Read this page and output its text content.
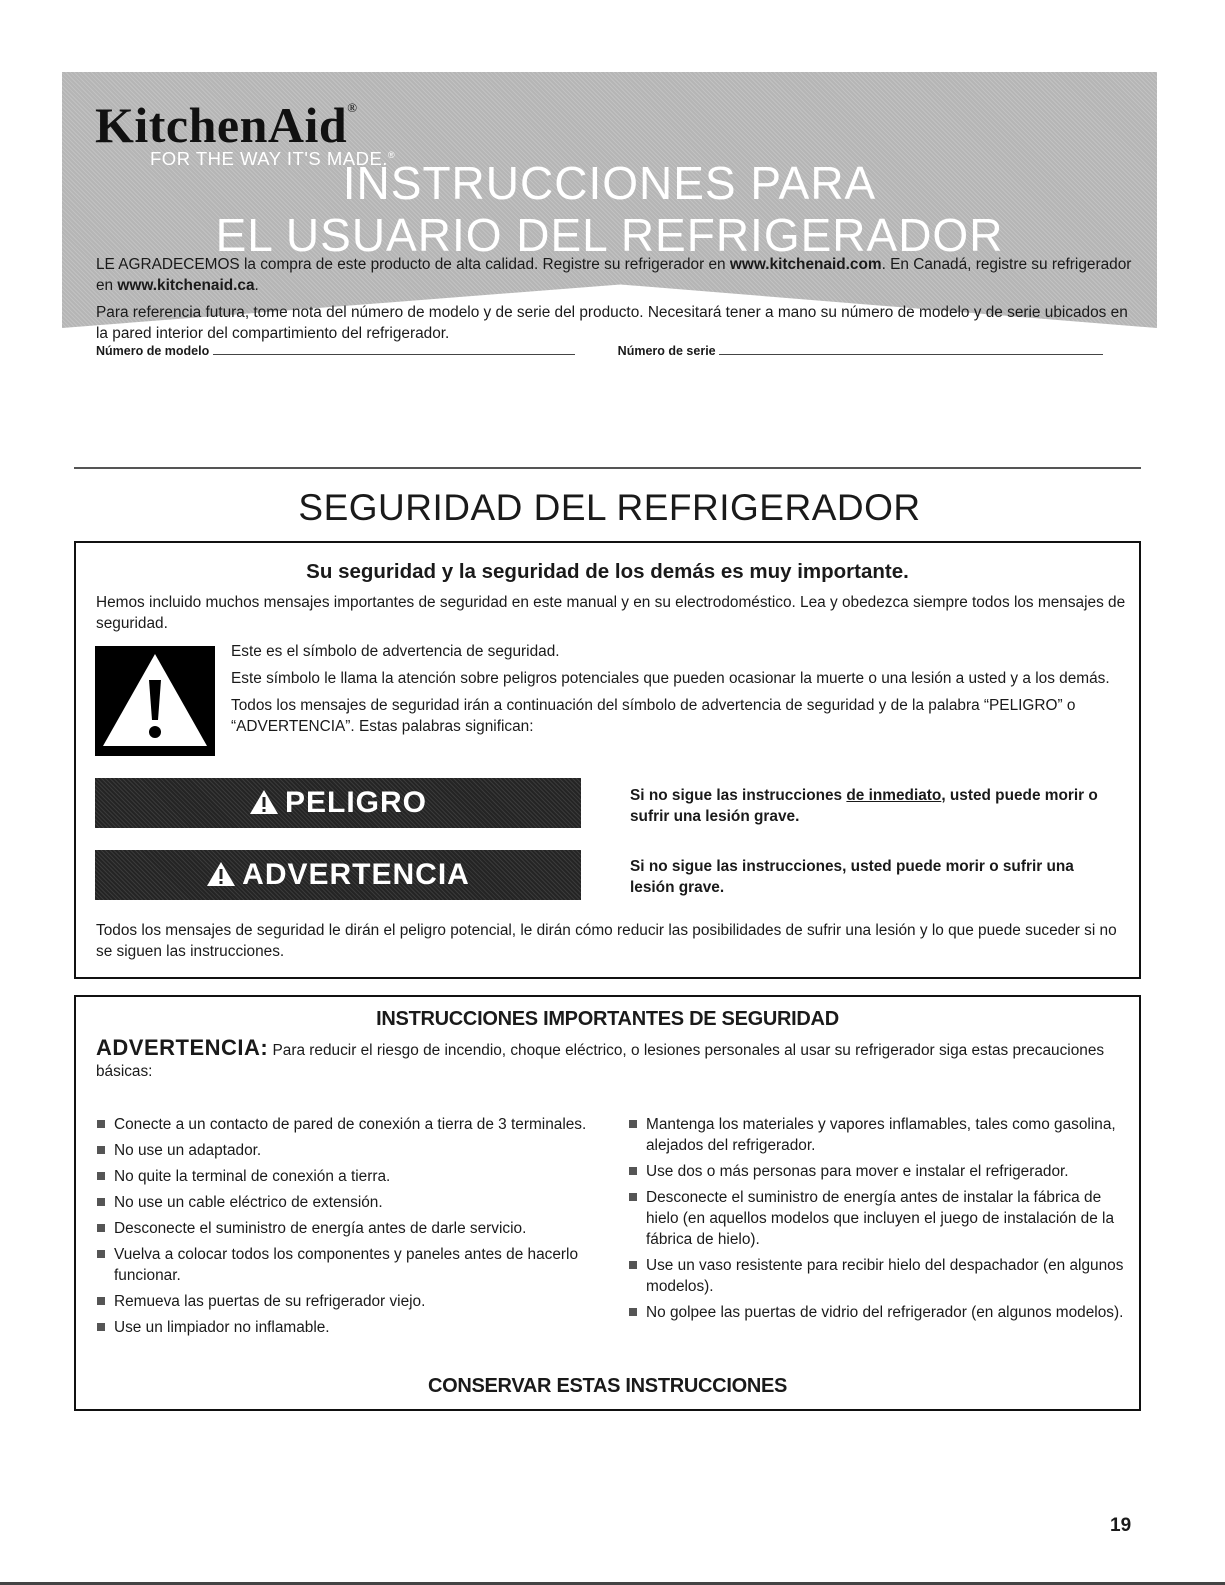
KitchenAid®
FOR THE WAY IT'S MADE.®
INSTRUCCIONES PARA
EL USUARIO DEL REFRIGERADOR

LE AGRADECEMOS la compra de este producto de alta calidad. Registre su refrigerador en www.kitchenaid.com. En Canadá, registre su refrigerador en www.kitchenaid.ca.

Para referencia futura, tome nota del número de modelo y de serie del producto. Necesitará tener a mano su número de modelo y de serie ubicados en la pared interior del compartimiento del refrigerador.

Número de modelo	Número de serie
SEGURIDAD DEL REFRIGERADOR
Su seguridad y la seguridad de los demás es muy importante.
Hemos incluido muchos mensajes importantes de seguridad en este manual y en su electrodoméstico. Lea y obedezca siempre todos los mensajes de seguridad.

Este es el símbolo de advertencia de seguridad.

Este símbolo le llama la atención sobre peligros potenciales que pueden ocasionar la muerte o una lesión a usted y a los demás.

Todos los mensajes de seguridad irán a continuación del símbolo de advertencia de seguridad y de la palabra “PELIGRO” o “ADVERTENCIA”. Estas palabras significan:

PELIGRO	Si no sigue las instrucciones de inmediato, usted puede morir o sufrir una lesión grave.
ADVERTENCIA	Si no sigue las instrucciones, usted puede morir o sufrir una lesión grave.
Todos los mensajes de seguridad le dirán el peligro potencial, le dirán cómo reducir las posibilidades de sufrir una lesión y lo que puede suceder si no se siguen las instrucciones.
INSTRUCCIONES IMPORTANTES DE SEGURIDAD
ADVERTENCIA: Para reducir el riesgo de incendio, choque eléctrico, o lesiones personales al usar su refrigerador siga estas precauciones básicas:
Conecte a un contacto de pared de conexión a tierra de 3 terminales.
No use un adaptador.
No quite la terminal de conexión a tierra.
No use un cable eléctrico de extensión.
Desconecte el suministro de energía antes de darle servicio.
Vuelva a colocar todos los componentes y paneles antes de hacerlo funcionar.
Remueva las puertas de su refrigerador viejo.
Use un limpiador no inflamable.
Mantenga los materiales y vapores inflamables, tales como gasolina, alejados del refrigerador.
Use dos o más personas para mover e instalar el refrigerador.
Desconecte el suministro de energía antes de instalar la fábrica de hielo (en aquellos modelos que incluyen el juego de instalación de la fábrica de hielo).
Use un vaso resistente para recibir hielo del despachador (en algunos modelos).
No golpee las puertas de vidrio del refrigerador (en algunos modelos).
CONSERVAR ESTAS INSTRUCCIONES
19
